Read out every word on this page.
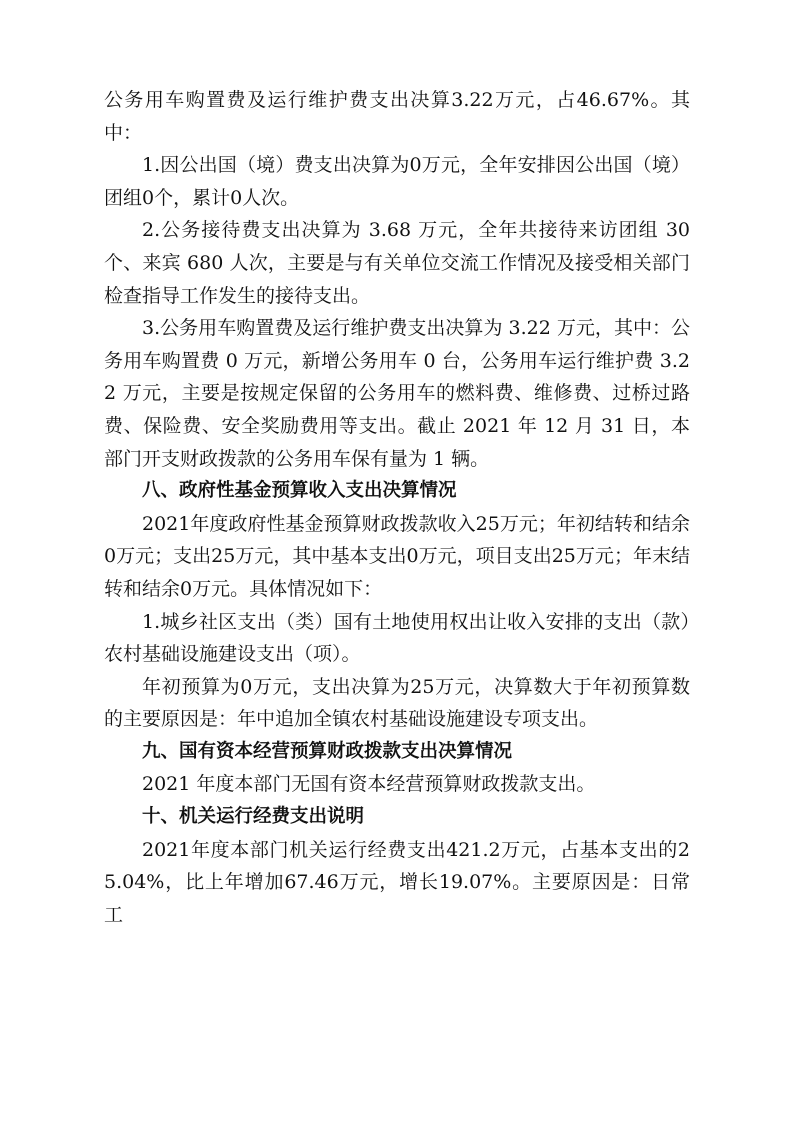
公务用车购置费及运行维护费支出决算3.22万元，占46.67%。其中：

1.因公出国（境）费支出决算为0万元，全年安排因公出国（境）团组0个，累计0人次。

2.公务接待费支出决算为 3.68 万元，全年共接待来访团组 30 个、来宾 680 人次，主要是与有关单位交流工作情况及接受相关部门检查指导工作发生的接待支出。

3.公务用车购置费及运行维护费支出决算为 3.22 万元，其中：公务用车购置费 0 万元，新增公务用车 0 台，公务用车运行维护费 3.22 万元，主要是按规定保留的公务用车的燃料费、维修费、过桥过路费、保险费、安全奖励费用等支出。截止 2021 年 12 月 31 日，本部门开支财政拨款的公务用车保有量为 1 辆。

八、政府性基金预算收入支出决算情况

2021年度政府性基金预算财政拨款收入25万元；年初结转和结余0万元；支出25万元，其中基本支出0万元，项目支出25万元；年末结转和结余0万元。具体情况如下：

1.城乡社区支出（类）国有土地使用权出让收入安排的支出（款）农村基础设施建设支出（项）。

年初预算为0万元，支出决算为25万元，决算数大于年初预算数的主要原因是：年中追加全镇农村基础设施建设专项支出。

九、国有资本经营预算财政拨款支出决算情况

2021 年度本部门无国有资本经营预算财政拨款支出。

十、机关运行经费支出说明

2021年度本部门机关运行经费支出421.2万元，占基本支出的25.04%，比上年增加67.46万元，增长19.07%。主要原因是：日常工
